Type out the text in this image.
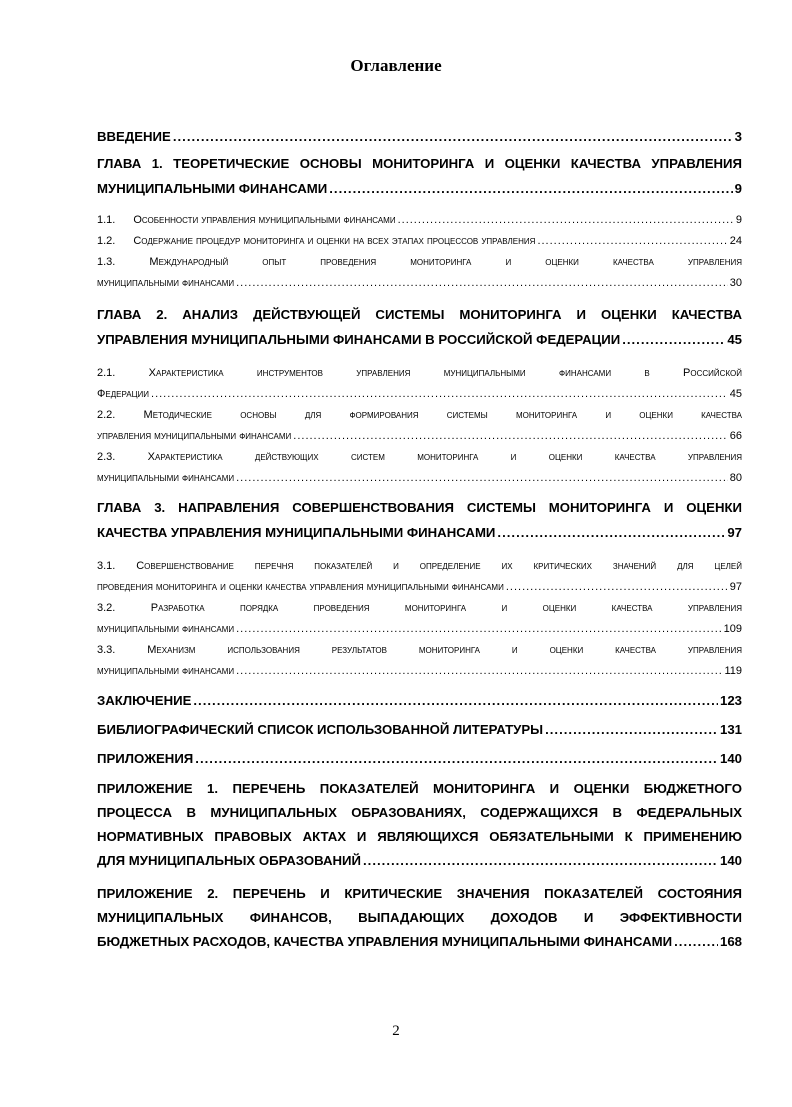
Оглавление
ВВЕДЕНИЕ .....	3
ГЛАВА 1. ТЕОРЕТИЧЕСКИЕ ОСНОВЫ МОНИТОРИНГА И ОЦЕНКИ КАЧЕСТВА УПРАВЛЕНИЯ
МУНИЦИПАЛЬНЫМИ ФИНАНСАМИ .....	9
1.1. Особенности управления муниципальными финансами .....	9
1.2. Содержание процедур мониторинга и оценки на всех этапах процессов управления .....	24
1.3. Международный опыт проведения мониторинга и оценки качества управления
муниципальными финансами .....	30
ГЛАВА 2. АНАЛИЗ ДЕЙСТВУЮЩЕЙ СИСТЕМЫ МОНИТОРИНГА И ОЦЕНКИ КАЧЕСТВА
УПРАВЛЕНИЯ МУНИЦИПАЛЬНЫМИ ФИНАНСАМИ В РОССИЙСКОЙ ФЕДЕРАЦИИ .....	45
2.1. Характеристика инструментов управления муниципальными финансами в Российской
Федерации .....	45
2.2. Методические основы для формирования системы мониторинга и оценки качества
управления муниципальными финансами .....	66
2.3. Характеристика действующих систем мониторинга и оценки качества управления
муниципальными финансами .....	80
ГЛАВА 3. НАПРАВЛЕНИЯ СОВЕРШЕНСТВОВАНИЯ СИСТЕМЫ МОНИТОРИНГА И ОЦЕНКИ
КАЧЕСТВА УПРАВЛЕНИЯ МУНИЦИПАЛЬНЫМИ ФИНАНСАМИ .....	97
3.1. Совершенствование перечня показателей и определение их критических значений для целей
проведения мониторинга и оценки качества управления муниципальными финансами .....	97
3.2. Разработка порядка проведения мониторинга и оценки качества управления
муниципальными финансами .....	109
3.3. Механизм использования результатов мониторинга и оценки качества управления
муниципальными финансами .....	119
ЗАКЛЮЧЕНИЕ .....	123
БИБЛИОГРАФИЧЕСКИЙ СПИСОК ИСПОЛЬЗОВАННОЙ ЛИТЕРАТУРЫ .....	131
ПРИЛОЖЕНИЯ .....	140
ПРИЛОЖЕНИЕ 1. ПЕРЕЧЕНЬ ПОКАЗАТЕЛЕЙ МОНИТОРИНГА И ОЦЕНКИ БЮДЖЕТНОГО
ПРОЦЕССА В МУНИЦИПАЛЬНЫХ ОБРАЗОВАНИЯХ, СОДЕРЖАЩИХСЯ В ФЕДЕРАЛЬНЫХ
НОРМАТИВНЫХ ПРАВОВЫХ АКТАХ И ЯВЛЯЮЩИХСЯ ОБЯЗАТЕЛЬНЫМИ К ПРИМЕНЕНИЮ
ДЛЯ МУНИЦИПАЛЬНЫХ ОБРАЗОВАНИЙ .....	140
ПРИЛОЖЕНИЕ 2. ПЕРЕЧЕНЬ И КРИТИЧЕСКИЕ ЗНАЧЕНИЯ ПОКАЗАТЕЛЕЙ СОСТОЯНИЯ
МУНИЦИПАЛЬНЫХ ФИНАНСОВ, ВЫПАДАЮЩИХ ДОХОДОВ И ЭФФЕКТИВНОСТИ
БЮДЖЕТНЫХ РАСХОДОВ, КАЧЕСТВА УПРАВЛЕНИЯ МУНИЦИПАЛЬНЫМИ ФИНАНСАМИ .....	168
2
